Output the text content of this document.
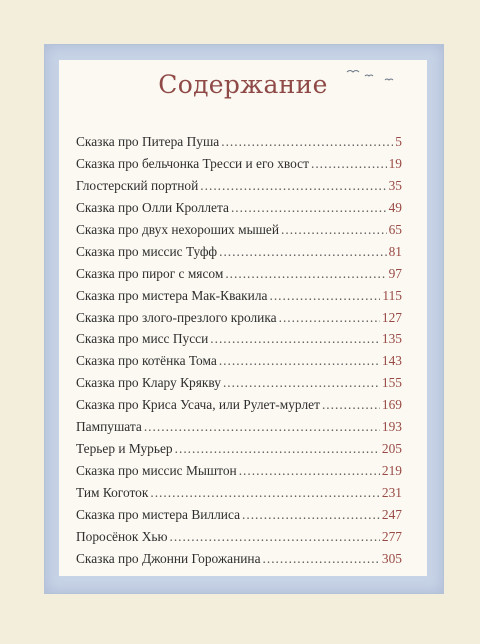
Содержание
Сказка про Питера Пуша .....	5
Сказка про бельчонка Тресси и его хвост .....	19
Глостерский портной .....	35
Сказка про Олли Кроллета .....	49
Сказка про двух нехороших мышей .....	65
Сказка про миссис Туфф .....	81
Сказка про пирог с мясом .....	97
Сказка про мистера Мак-Квакила .....	115
Сказка про злого-презлого кролика .....	127
Сказка про мисс Пусси .....	135
Сказка про котёнка Тома .....	143
Сказка про Клару Крякву .....	155
Сказка про Криса Усача, или Рулет-мурлет .....	169
Пампушата .....	193
Терьер и Мурьер .....	205
Сказка про миссис Мыштон .....	219
Тим Коготок .....	231
Сказка про мистера Виллиса .....	247
Поросёнок Хью .....	277
Сказка про Джонни Горожанина .....	305
